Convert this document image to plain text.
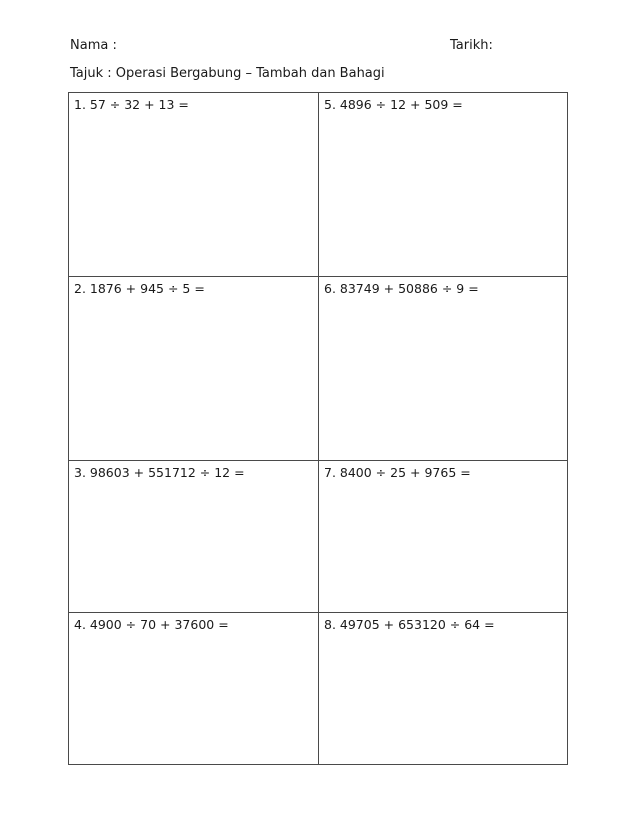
Nama :	Tarikh:
Tajuk : Operasi Bergabung – Tambah dan Bahagi
1. 57 ÷ 32 + 13 =	5. 4896 ÷ 12 + 509 =
2. 1876 + 945 ÷ 5 =	6. 83749 + 50886 ÷ 9 =
3. 98603 + 551712 ÷ 12 =	7. 8400 ÷ 25 + 9765 =
4. 4900 ÷ 70 + 37600 =	8. 49705 + 653120 ÷ 64 =
